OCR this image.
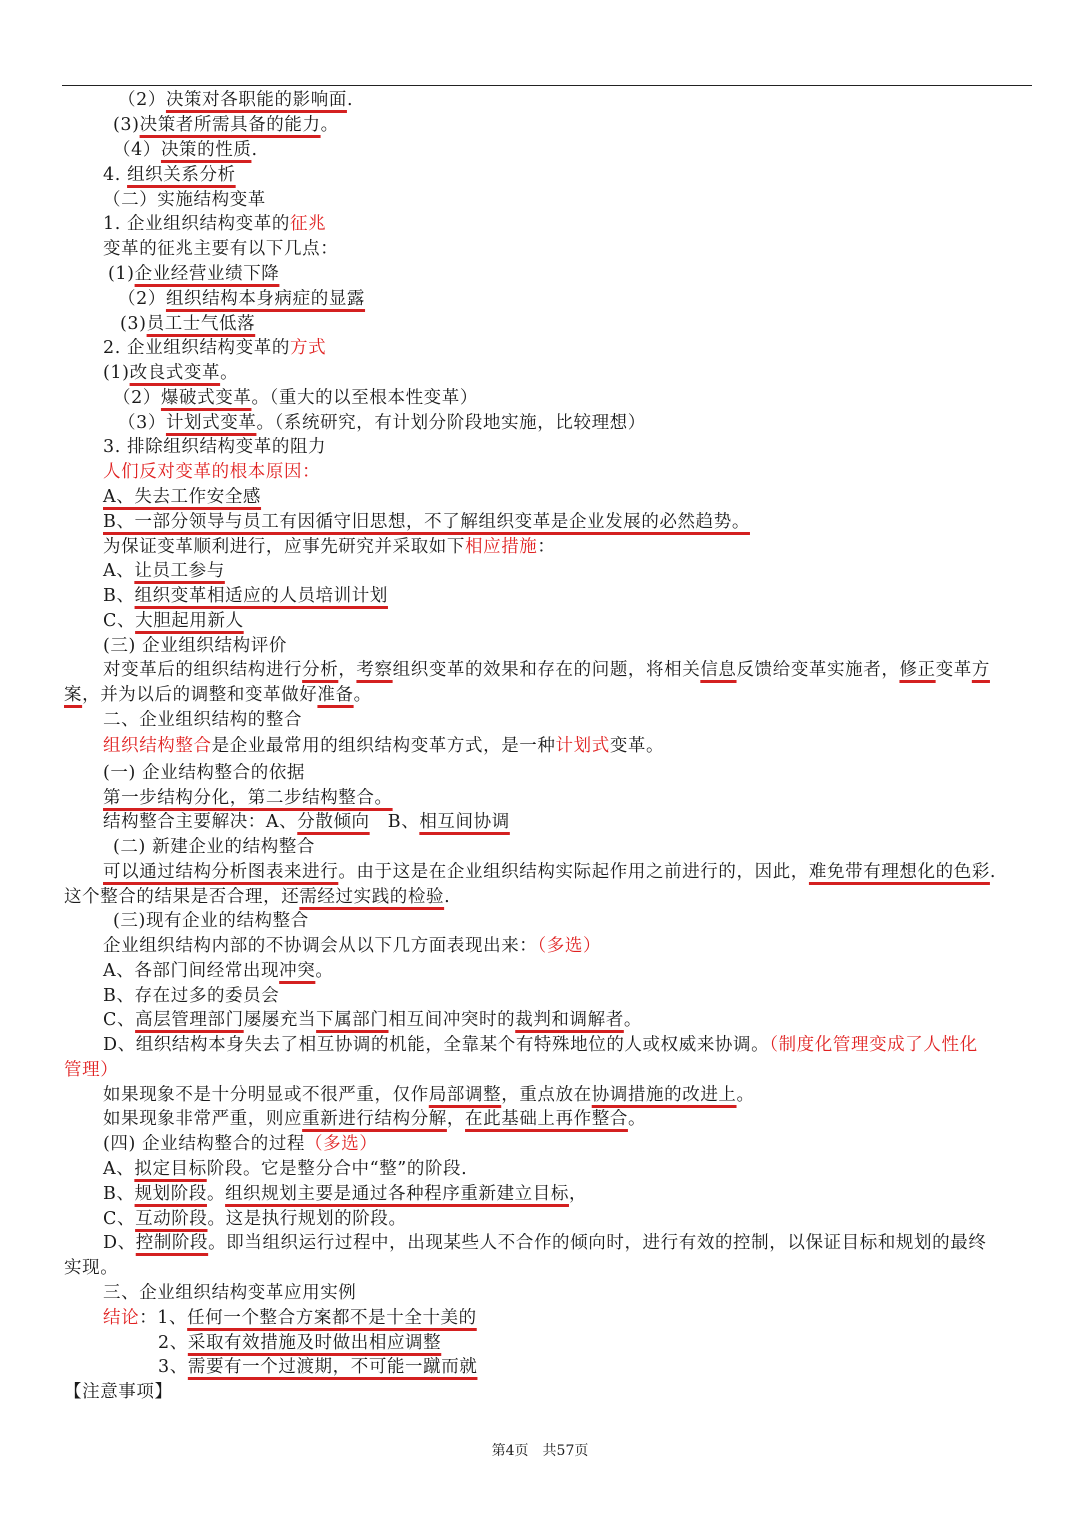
（2）决策对各职能的影响面.
(3)决策者所需具备的能力。
（4）决策的性质.
4. 组织关系分析
（二）实施结构变革
1. 企业组织结构变革的征兆
变革的征兆主要有以下几点：
(1)企业经营业绩下降
（2）组织结构本身病症的显露
(3)员工士气低落
2. 企业组织结构变革的方式
(1)改良式变革。
（2）爆破式变革。（重大的以至根本性变革）
（3）计划式变革。（系统研究，有计划分阶段地实施，比较理想）
3. 排除组织结构变革的阻力
人们反对变革的根本原因：
A、失去工作安全感
B、一部分领导与员工有因循守旧思想，不了解组织变革是企业发展的必然趋势。
为保证变革顺利进行，应事先研究并采取如下相应措施：
A、让员工参与
B、组织变革相适应的人员培训计划
C、大胆起用新人
(三) 企业组织结构评价
对变革后的组织结构进行分析，考察组织变革的效果和存在的问题，将相关信息反馈给变革实施者，修正变革方
案，并为以后的调整和变革做好准备。
二、企业组织结构的整合
组织结构整合是企业最常用的组织结构变革方式，是一种计划式变革。
(一) 企业结构整合的依据
第一步结构分化，第二步结构整合。
结构整合主要解决：A、分散倾向　B、相互间协调
(二) 新建企业的结构整合
可以通过结构分析图表来进行。由于这是在企业组织结构实际起作用之前进行的，因此，难免带有理想化的色彩.
这个整合的结果是否合理，还需经过实践的检验.
(三)现有企业的结构整合
企业组织结构内部的不协调会从以下几方面表现出来：（多选）
A、各部门间经常出现冲突。
B、存在过多的委员会
C、高层管理部门屡屡充当下属部门相互间冲突时的裁判和调解者。
D、组织结构本身失去了相互协调的机能，全靠某个有特殊地位的人或权威来协调。（制度化管理变成了人性化
管理）
如果现象不是十分明显或不很严重，仅作局部调整，重点放在协调措施的改进上。
如果现象非常严重，则应重新进行结构分解，在此基础上再作整合。
(四) 企业结构整合的过程（多选）
A、拟定目标阶段。它是整分合中“整”的阶段.
B、规划阶段。组织规划主要是通过各种程序重新建立目标，
C、互动阶段。这是执行规划的阶段。
D、控制阶段。即当组织运行过程中，出现某些人不合作的倾向时，进行有效的控制，以保证目标和规划的最终
实现。
三、企业组织结构变革应用实例
结论：1、任何一个整合方案都不是十全十美的
2、采取有效措施及时做出相应调整
3、需要有一个过渡期，不可能一蹴而就
【注意事项】
第4页　共57页
